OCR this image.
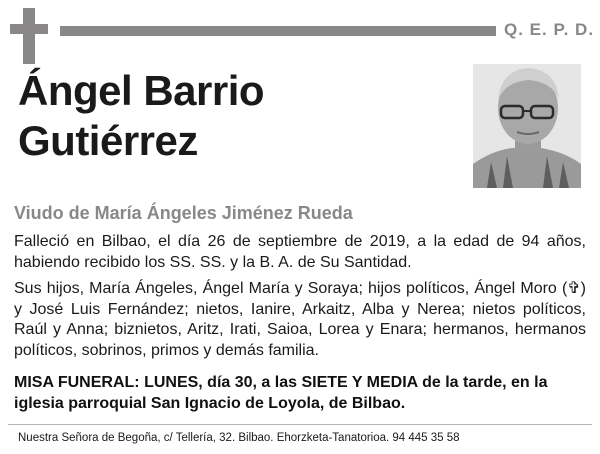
Q. E. P. D.
Ángel Barrio
Gutiérrez
Viudo de María Ángeles Jiménez Rueda

Falleció en Bilbao, el día 26 de septiembre de 2019, a la edad de 94 años, habiendo recibido los SS. SS. y la B. A. de Su Santidad.

Sus hijos, María Ángeles, Ángel María y Soraya; hijos políticos, Ángel Moro (✞) y José Luis Fernández; nietos, Ianire, Arkaitz, Alba y Nerea; nietos políticos, Raúl y Anna; biznietos, Aritz, Irati, Saioa, Lorea y Enara; hermanos, hermanos políticos, sobrinos, primos y demás familia.

MISA FUNERAL: LUNES, día 30, a las SIETE Y MEDIA de la tarde, en la iglesia parroquial San Ignacio de Loyola, de Bilbao.
Nuestra Señora de Begoña, c/ Tellería, 32. Bilbao. Ehorzketa-Tanatorioa. 94 445 35 58
